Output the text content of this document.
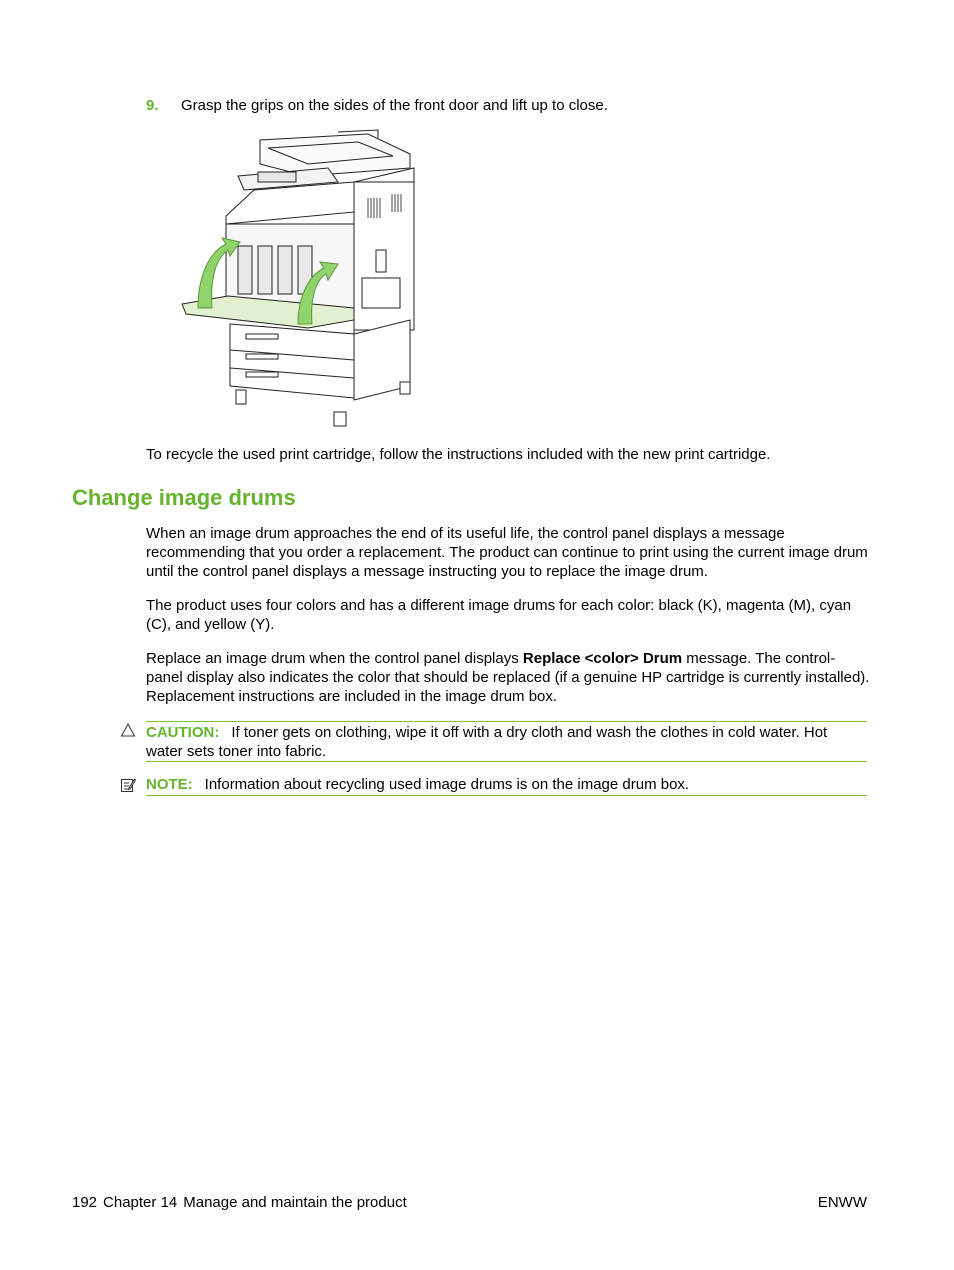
9. Grasp the grips on the sides of the front door and lift up to close.
To recycle the used print cartridge, follow the instructions included with the new print cartridge.
Change image drums
When an image drum approaches the end of its useful life, the control panel displays a message recommending that you order a replacement. The product can continue to print using the current image drum until the control panel displays a message instructing you to replace the image drum.
The product uses four colors and has a different image drums for each color: black (K), magenta (M), cyan (C), and yellow (Y).
Replace an image drum when the control panel displays Replace <color> Drum message. The control-panel display also indicates the color that should be replaced (if a genuine HP cartridge is currently installed). Replacement instructions are included in the image drum box.
CAUTION: If toner gets on clothing, wipe it off with a dry cloth and wash the clothes in cold water. Hot water sets toner into fabric.
NOTE: Information about recycling used image drums is on the image drum box.
192 Chapter 14 Manage and maintain the product	ENWW
